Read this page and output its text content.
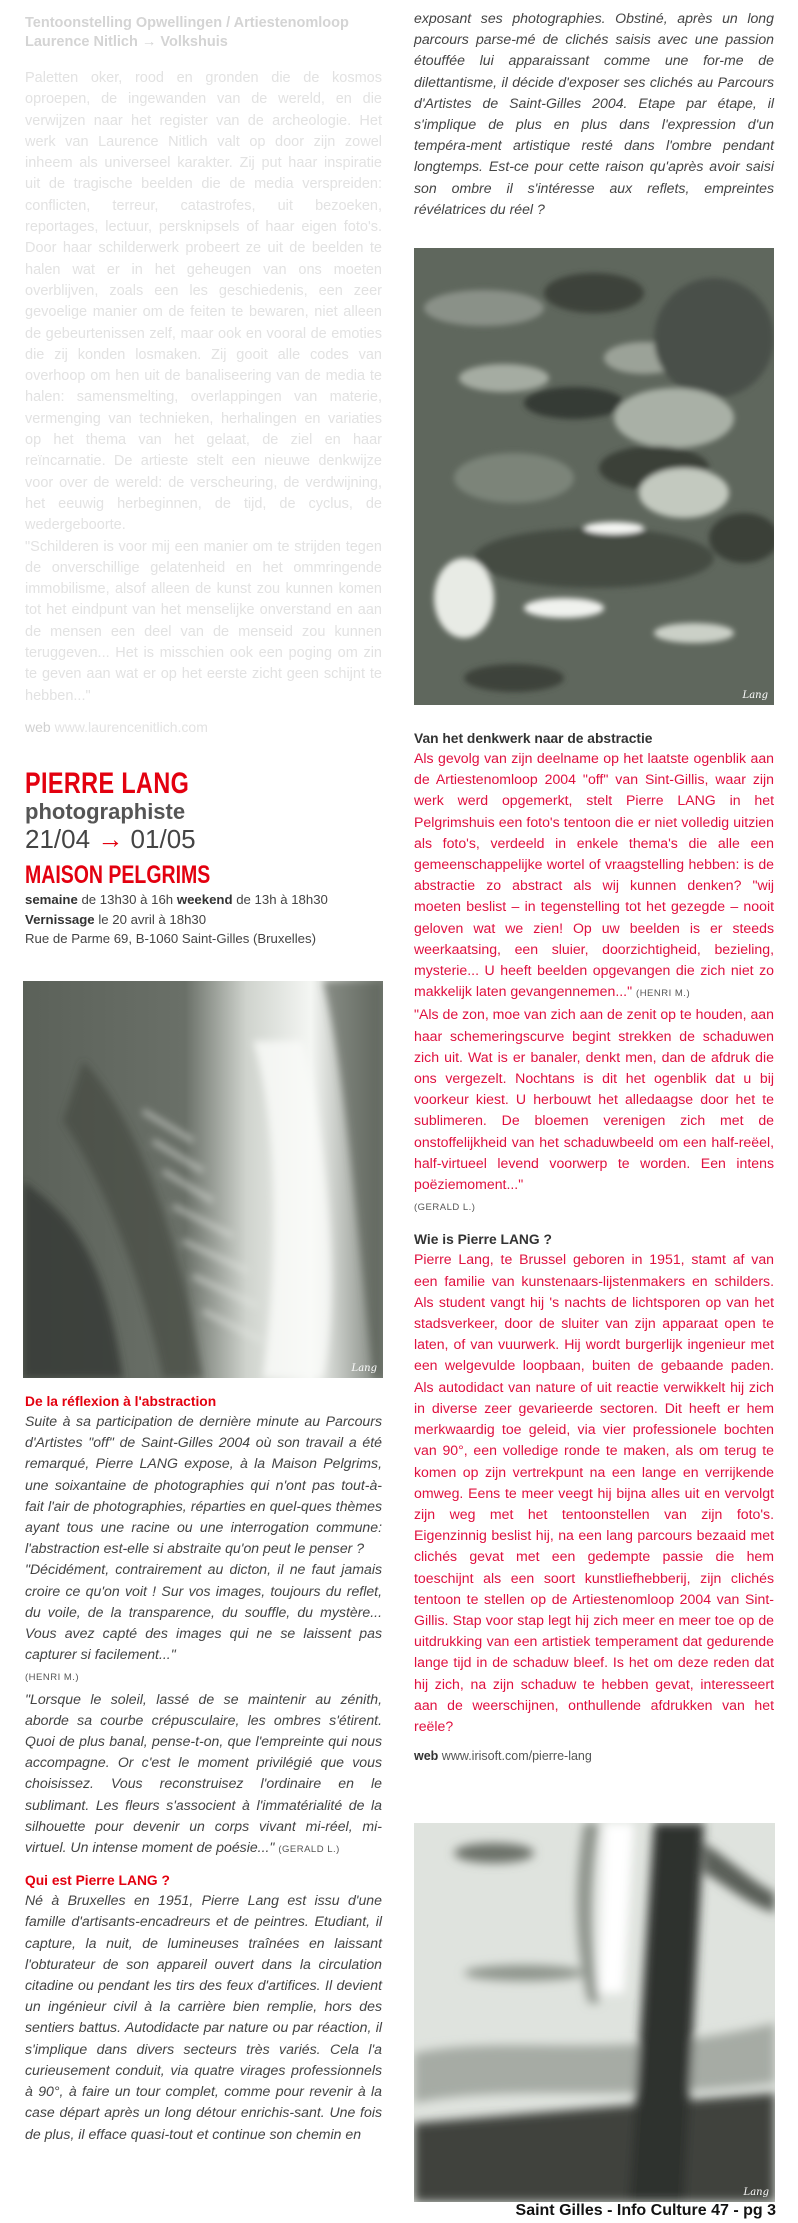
Tentoonstelling Opwellingen / Artiestenomloop
Laurence Nitlich → Volkshuis

Paletten oker, rood en gronden die de kosmos oproepen, de ingewanden van de wereld, en die verwijzen naar het register van de archeologie. Het werk van Laurence Nitlich valt op door zijn zowel inheem als universeel karakter. Zij put haar inspiratie uit de tragische beelden die de media verspreiden: conflicten, terreur, catastrofes, uit bezoeken, reportages, lectuur, persknipsels of haar eigen foto's. Door haar schilderwerk probeert ze uit de beelden te halen wat er in het geheugen van ons moeten overblijven, zoals een les geschiedenis, een zeer gevoelige manier om de feiten te bewaren, niet alleen de gebeurtenissen zelf, maar ook en vooral de emoties die zij konden losmaken. Zij gooit alle codes van overhoop om hen uit de banaliseering van de media te halen: samensmelting, overlappingen van materie, vermenging van technieken, herhalingen en variaties op het thema van het gelaat, de ziel en haar reïncarnatie. De artieste stelt een nieuwe denkwijze voor over de wereld: de verscheuring, de verdwijning, het eeuwig herbeginnen, de tijd, de cyclus, de wedergeboorte.

"Schilderen is voor mij een manier om te strijden tegen de onverschillige gelatenheid en het ommringende immobilisme, alsof alleen de kunst zou kunnen komen tot het eindpunt van het menselijke onverstand en aan de mensen een deel van de menseid zou kunnen teruggeven... Het is misschien ook een poging om zin te geven aan wat er op het eerste zicht geen schijnt te hebben..."

web www.laurencenitlich.com
PIERRE LANG
photographiste
21/04 → 01/05
MAISON PELGRIMS
semaine de 13h30 à 16h weekend de 13h à 18h30
Vernissage le 20 avril à 18h30
Rue de Parme 69, B-1060 Saint-Gilles (Bruxelles)
Lang
De la réflexion à l'abstraction

Suite à sa participation de dernière minute au Parcours d'Artistes "off" de Saint-Gilles 2004 où son travail a été remarqué, Pierre LANG expose, à la Maison Pelgrims, une soixantaine de photographies qui n'ont pas tout-à-fait l'air de photographies, réparties en quel-ques thèmes ayant tous une racine ou une interrogation commune: l'abstraction est-elle si abstraite qu'on peut le penser ?

"Décidément, contrairement au dicton, il ne faut jamais croire ce qu'on voit ! Sur vos images, toujours du reflet, du voile, de la transparence, du souffle, du mystère... Vous avez capté des images qui ne se laissent pas capturer si facilement..."
(HENRI M.)

"Lorsque le soleil, lassé de se maintenir au zénith, aborde sa courbe crépusculaire, les ombres s'étirent. Quoi de plus banal, pense-t-on, que l'empreinte qui nous accompagne. Or c'est le moment privilégié que vous choisissez. Vous reconstruisez l'ordinaire en le sublimant. Les fleurs s'associent à l'immatérialité de la silhouette pour devenir un corps vivant mi-réel, mi-virtuel. Un intense moment de poésie..." (GERALD L.)

Qui est Pierre LANG ?

Né à Bruxelles en 1951, Pierre Lang est issu d'une famille d'artisants-encadreurs et de peintres. Etudiant, il capture, la nuit, de lumineuses traînées en laissant l'obturateur de son appareil ouvert dans la circulation citadine ou pendant les tirs des feux d'artifices. Il devient un ingénieur civil à la carrière bien remplie, hors des sentiers battus. Autodidacte par nature ou par réaction, il s'implique dans divers secteurs très variés. Cela l'a curieusement conduit, via quatre virages professionnels à 90°, à faire un tour complet, comme pour revenir à la case départ après un long détour enrichis-sant. Une fois de plus, il efface quasi-tout et continue son chemin en

exposant ses photographies. Obstiné, après un long parcours parse-mé de clichés saisis avec une passion étouffée lui apparaissant comme une for-me de dilettantisme, il décide d'exposer ses clichés au Parcours d'Artistes de Saint-Gilles 2004. Etape par étape, il s'implique de plus en plus dans l'expression d'un tempéra-ment artistique resté dans l'ombre pendant longtemps. Est-ce pour cette raison qu'après avoir saisi son ombre il s'intéresse aux reflets, empreintes révélatrices du réel ?

Lang
Van het denkwerk naar de abstractie

Als gevolg van zijn deelname op het laatste ogenblik aan de Artiestenomloop 2004 "off" van Sint-Gillis, waar zijn werk werd opgemerkt, stelt Pierre LANG in het Pelgrimshuis een foto's tentoon die er niet volledig uitzien als foto's, verdeeld in enkele thema's die alle een gemeenschappelijke wortel of vraagstelling hebben: is de abstractie zo abstract als wij kunnen denken? "wij moeten beslist – in tegenstelling tot het gezegde – nooit geloven wat we zien! Op uw beelden is er steeds weerkaatsing, een sluier, doorzichtigheid, bezieling, mysterie... U heeft beelden opgevangen die zich niet zo makkelijk laten gevangennemen..." (HENRI M.)

"Als de zon, moe van zich aan de zenit op te houden, aan haar schemeringscurve begint strekken de schaduwen zich uit. Wat is er banaler, denkt men, dan de afdruk die ons vergezelt. Nochtans is dit het ogenblik dat u bij voorkeur kiest. U herbouwt het alledaagse door het te sublimeren. De bloemen verenigen zich met de onstoffelijkheid van het schaduwbeeld om een half-reëel, half-virtueel levend voorwerp te worden. Een intens poëziemoment..."
(GERALD L.)

Wie is Pierre LANG ?

Pierre Lang, te Brussel geboren in 1951, stamt af van een familie van kunstenaars-lijstenmakers en schilders. Als student vangt hij 's nachts de lichtsporen op van het stadsverkeer, door de sluiter van zijn apparaat open te laten, of van vuurwerk. Hij wordt burgerlijk ingenieur met een welgevulde loopbaan, buiten de gebaande paden. Als autodidact van nature of uit reactie verwikkelt hij zich in diverse zeer gevarieerde sectoren. Dit heeft er hem merkwaardig toe geleid, via vier professionele bochten van 90°, een volledige ronde te maken, als om terug te komen op zijn vertrekpunt na een lange en verrijkende omweg. Eens te meer veegt hij bijna alles uit en vervolgt zijn weg met het tentoonstellen van zijn foto's. Eigenzinnig beslist hij, na een lang parcours bezaaid met clichés gevat met een gedempte passie die hem toeschijnt als een soort kunstliefhebberij, zijn clichés tentoon te stellen op de Artiestenomloop 2004 van Sint-Gillis. Stap voor stap legt hij zich meer en meer toe op de uitdrukking van een artistiek temperament dat gedurende lange tijd in de schaduw bleef. Is het om deze reden dat hij zich, na zijn schaduw te hebben gevat, interesseert aan de weerschijnen, onthullende afdrukken van het reële?

web www.irisoft.com/pierre-lang
Lang
Saint Gilles - Info Culture 47 - pg 3
